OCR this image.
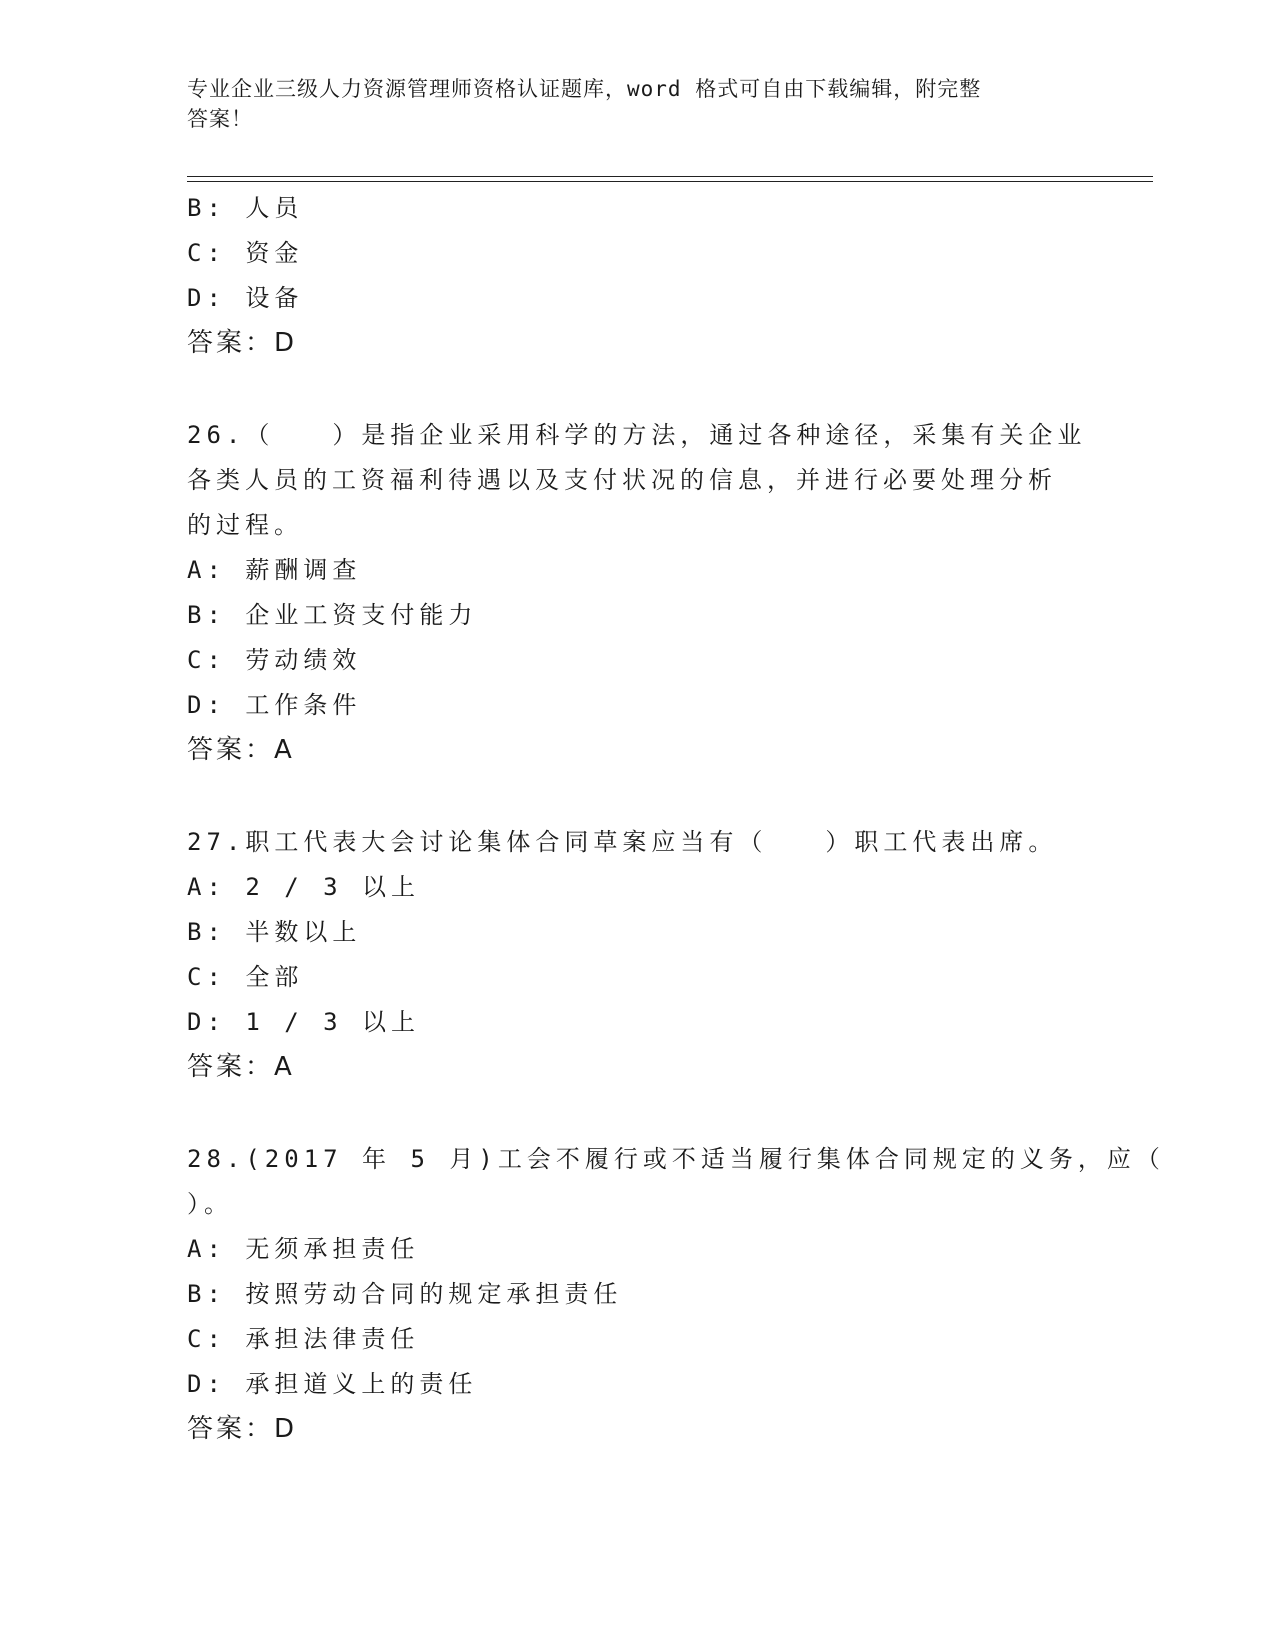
专业企业三级人力资源管理师资格认证题库，word 格式可自由下载编辑，附完整
答案！
B: 人员
C: 资金
D: 设备
答案：D
26.（　　）是指企业采用科学的方法，通过各种途径，采集有关企业
各类人员的工资福利待遇以及支付状况的信息，并进行必要处理分析
的过程。
A: 薪酬调查
B: 企业工资支付能力
C: 劳动绩效
D: 工作条件
答案：A
27.职工代表大会讨论集体合同草案应当有（　　）职工代表出席。
A: 2 / 3 以上
B: 半数以上
C: 全部
D: 1 / 3 以上
答案：A
28.(2017 年 5 月)工会不履行或不适当履行集体合同规定的义务，应（
）。
A: 无须承担责任
B: 按照劳动合同的规定承担责任
C: 承担法律责任
D: 承担道义上的责任
答案：D
